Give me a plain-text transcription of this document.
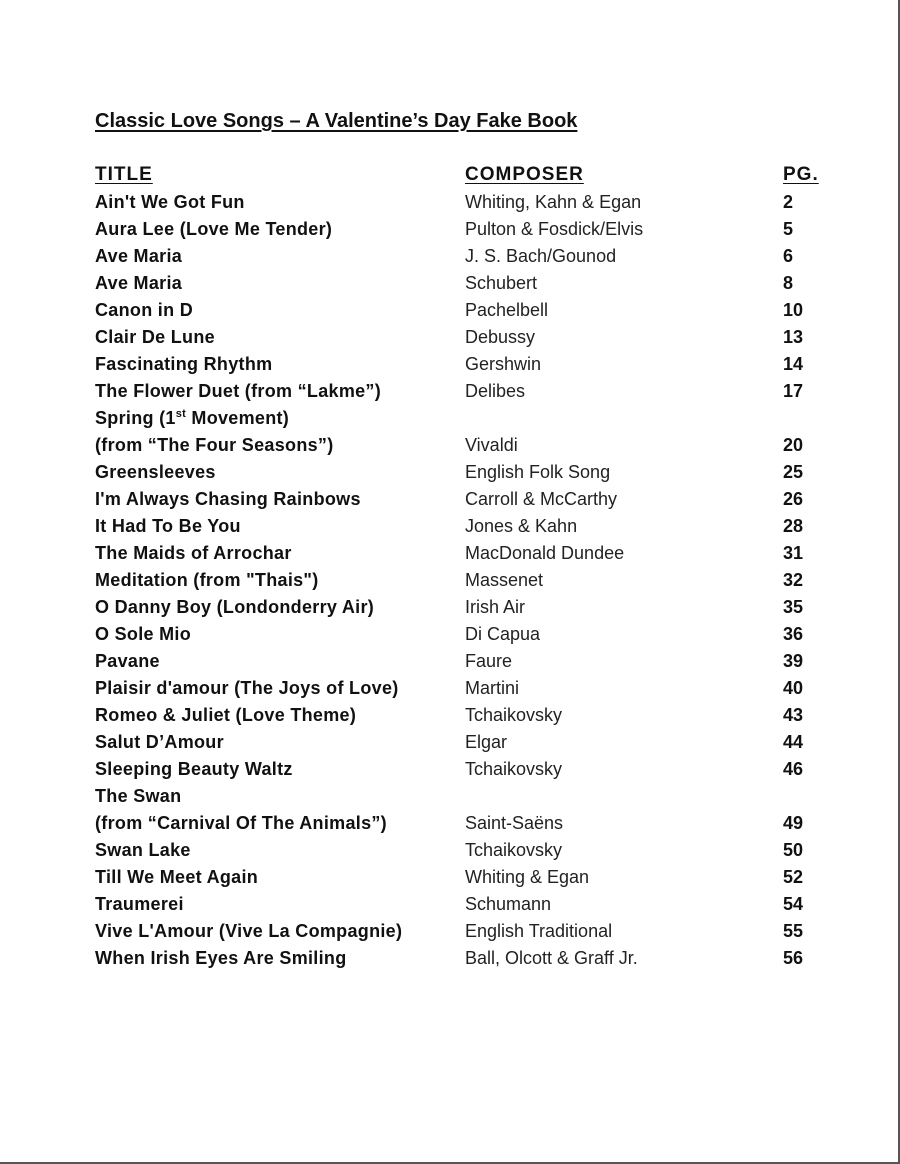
Classic Love Songs – A Valentine’s Day Fake Book
TITLE	COMPOSER	PG.
Ain't We Got Fun	Whiting, Kahn & Egan	2
Aura Lee (Love Me Tender)	Pulton & Fosdick/Elvis	5
Ave Maria	J. S. Bach/Gounod	6
Ave Maria	Schubert	8
Canon in D	Pachelbell	10
Clair De Lune	Debussy	13
Fascinating Rhythm	Gershwin	14
The Flower Duet (from “Lakme”)	Delibes	17
Spring (1st Movement)
(from “The Four Seasons”)	Vivaldi	20
Greensleeves	English Folk Song	25
I'm Always Chasing Rainbows	Carroll & McCarthy	26
It Had To Be You	Jones & Kahn	28
The Maids of Arrochar	MacDonald Dundee	31
Meditation (from "Thais")	Massenet	32
O Danny Boy (Londonderry Air)	Irish Air	35
O Sole Mio	Di Capua	36
Pavane	Faure	39
Plaisir d'amour (The Joys of Love)	Martini	40
Romeo & Juliet (Love Theme)	Tchaikovsky	43
Salut D’Amour	Elgar	44
Sleeping Beauty Waltz	Tchaikovsky	46
The Swan
(from “Carnival Of The Animals”)	Saint-Saëns	49
Swan Lake	Tchaikovsky	50
Till We Meet Again	Whiting & Egan	52
Traumerei	Schumann	54
Vive L'Amour (Vive La Compagnie)	English Traditional	55
When Irish Eyes Are Smiling	Ball, Olcott & Graff Jr.	56
